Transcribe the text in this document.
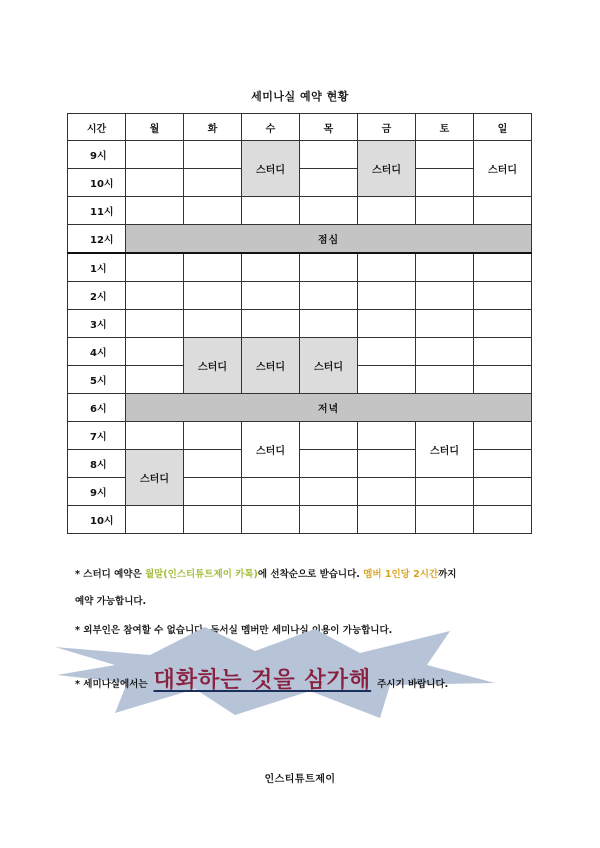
세미나실 예약 현황
시간	월	화	수	목	금	토	일
9시			스터디		스터디		스터디
10시							
11시							
12시	점심						
1시							
2시							
3시							
4시		스터디	스터디	스터디			
5시							
6시	저녁						
7시			스터디			스터디	
8시	스터디						
9시							
10시							
* 스터디 예약은 월말(인스티튜트제이 카톡)에 선착순으로 받습니다. 멤버 1인당 2시간까지
예약 가능합니다.
* 외부인은 참여할 수 없습니다. 독서실 멤버만 세미나실 이용이 가능합니다.
* 세미나실에서는 대화하는 것을 삼가해 주시기 바랍니다.
인스티튜트제이
